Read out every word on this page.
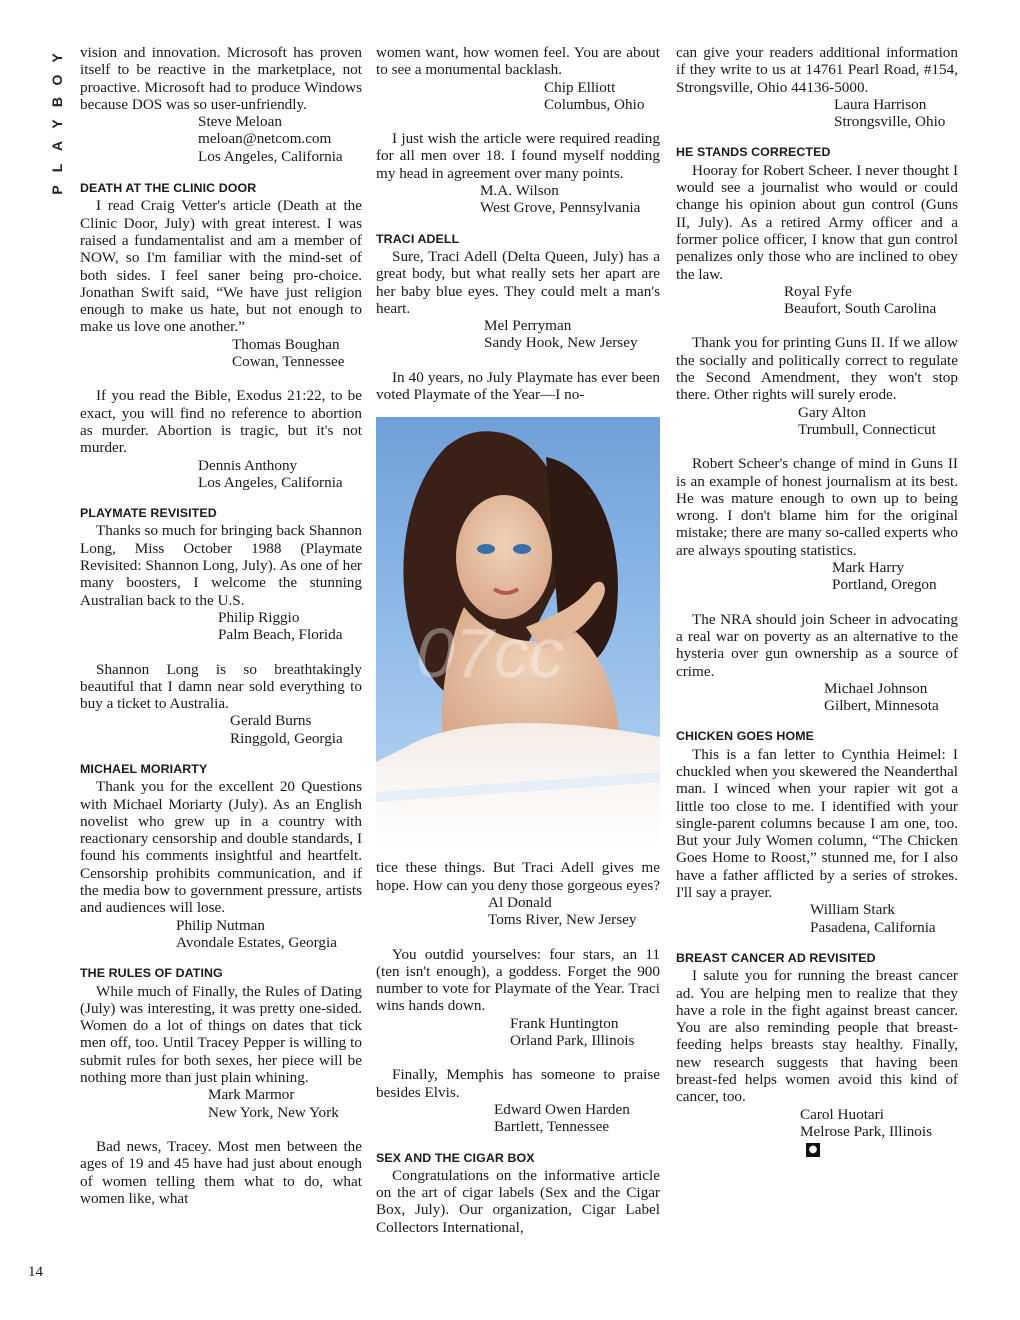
Y
O
B
Y
A
L
P
14

vision and innovation. Microsoft has proven itself to be reactive in the marketplace, not proactive. Microsoft had to produce Windows because DOS was so user-unfriendly.

Steve Meloan
meloan@netcom.com
Los Angeles, California
DEATH AT THE CLINIC DOOR

I read Craig Vetter's article (Death at the Clinic Door, July) with great interest. I was raised a fundamentalist and am a member of NOW, so I'm familiar with the mind-set of both sides. I feel saner being pro-choice. Jonathan Swift said, “We have just religion enough to make us hate, but not enough to make us love one another.”

Thomas Boughan
Cowan, Tennessee

If you read the Bible, Exodus 21:22, to be exact, you will find no reference to abortion as murder. Abortion is tragic, but it's not murder.

Dennis Anthony
Los Angeles, California
PLAYMATE REVISITED

Thanks so much for bringing back Shannon Long, Miss October 1988 (Playmate Revisited: Shannon Long, July). As one of her many boosters, I welcome the stunning Australian back to the U.S.

Philip Riggio
Palm Beach, Florida

Shannon Long is so breathtakingly beautiful that I damn near sold everything to buy a ticket to Australia.

Gerald Burns
Ringgold, Georgia
MICHAEL MORIARTY

Thank you for the excellent 20 Questions with Michael Moriarty (July). As an English novelist who grew up in a country with reactionary censorship and double standards, I found his comments insightful and heartfelt. Censorship prohibits communication, and if the media bow to government pressure, artists and audiences will lose.

Philip Nutman
Avondale Estates, Georgia
THE RULES OF DATING

While much of Finally, the Rules of Dating (July) was interesting, it was pretty one-sided. Women do a lot of things on dates that tick men off, too. Until Tracey Pepper is willing to submit rules for both sexes, her piece will be nothing more than just plain whining.

Mark Marmor
New York, New York

Bad news, Tracey. Most men between the ages of 19 and 45 have had just about enough of women telling them what to do, what women like, what

women want, how women feel. You are about to see a monumental backlash.

Chip Elliott
Columbus, Ohio

I just wish the article were required reading for all men over 18. I found myself nodding my head in agreement over many points.

M.A. Wilson
West Grove, Pennsylvania
TRACI ADELL

Sure, Traci Adell (Delta Queen, July) has a great body, but what really sets her apart are her baby blue eyes. They could melt a man's heart.

Mel Perryman
Sandy Hook, New Jersey

In 40 years, no July Playmate has ever been voted Playmate of the Year—I no-

07cc

tice these things. But Traci Adell gives me hope. How can you deny those gorgeous eyes?

Al Donald
Toms River, New Jersey

You outdid yourselves: four stars, an 11 (ten isn't enough), a goddess. Forget the 900 number to vote for Playmate of the Year. Traci wins hands down.

Frank Huntington
Orland Park, Illinois

Finally, Memphis has someone to praise besides Elvis.

Edward Owen Harden
Bartlett, Tennessee
SEX AND THE CIGAR BOX

Congratulations on the informative article on the art of cigar labels (Sex and the Cigar Box, July). Our organization, Cigar Label Collectors International,

can give your readers additional information if they write to us at 14761 Pearl Road, #154, Strongsville, Ohio 44136-5000.

Laura Harrison
Strongsville, Ohio
HE STANDS CORRECTED

Hooray for Robert Scheer. I never thought I would see a journalist who would or could change his opinion about gun control (Guns II, July). As a retired Army officer and a former police officer, I know that gun control penalizes only those who are inclined to obey the law.

Royal Fyfe
Beaufort, South Carolina

Thank you for printing Guns II. If we allow the socially and politically correct to regulate the Second Amendment, they won't stop there. Other rights will surely erode.

Gary Alton
Trumbull, Connecticut

Robert Scheer's change of mind in Guns II is an example of honest journalism at its best. He was mature enough to own up to being wrong. I don't blame him for the original mistake; there are many so-called experts who are always spouting statistics.

Mark Harry
Portland, Oregon

The NRA should join Scheer in advocating a real war on poverty as an alternative to the hysteria over gun ownership as a source of crime.

Michael Johnson
Gilbert, Minnesota
CHICKEN GOES HOME

This is a fan letter to Cynthia Heimel: I chuckled when you skewered the Neanderthal man. I winced when your rapier wit got a little too close to me. I identified with your single-parent columns because I am one, too. But your July Women column, “The Chicken Goes Home to Roost,” stunned me, for I also have a father afflicted by a series of strokes. I'll say a prayer.

William Stark
Pasadena, California
BREAST CANCER AD REVISITED

I salute you for running the breast cancer ad. You are helping men to realize that they have a role in the fight against breast cancer. You are also reminding people that breast-feeding helps breasts stay healthy. Finally, new research suggests that having been breast-fed helps women avoid this kind of cancer, too.

Carol Huotari
Melrose Park, Illinois
●
